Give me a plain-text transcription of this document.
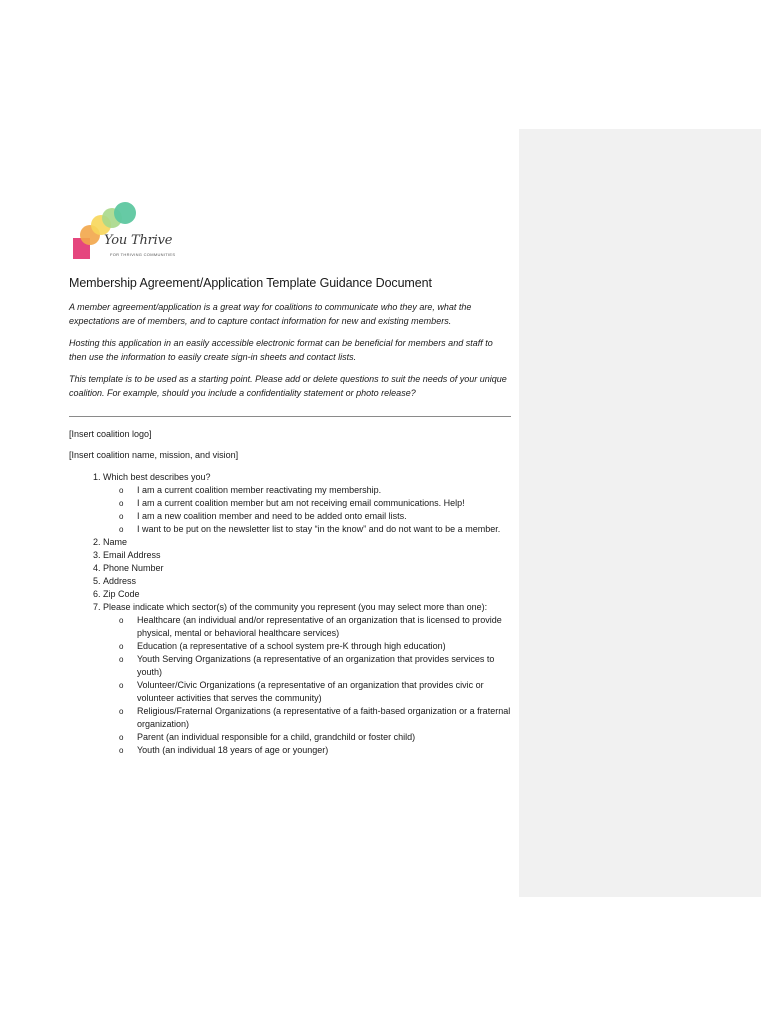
You Thrive
FOR THRIVING COMMUNITIES
Membership Agreement/Application Template Guidance Document

A member agreement/application is a great way for coalitions to communicate who they are, what the expectations are of members, and to capture contact information for new and existing members.

Hosting this application in an easily accessible electronic format can be beneficial for members and staff to then use the information to easily create sign-in sheets and contact lists.

This template is to be used as a starting point. Please add or delete questions to suit the needs of your unique coalition. For example, should you include a confidentiality statement or photo release?

[Insert coalition logo]

[Insert coalition name, mission, and vision]

1. Which best describes you?
o I am a current coalition member reactivating my membership.
o I am a current coalition member but am not receiving email communications. Help!
o I am a new coalition member and need to be added onto email lists.
o I want to be put on the newsletter list to stay “in the know” and do not want to be a member.
2. Name
3. Email Address
4. Phone Number
5. Address
6. Zip Code
7. Please indicate which sector(s) of the community you represent (you may select more than one):
o Healthcare (an individual and/or representative of an organization that is licensed to provide physical, mental or behavioral healthcare services)
o Education (a representative of a school system pre-K through high education)
o Youth Serving Organizations (a representative of an organization that provides services to youth)
o Volunteer/Civic Organizations (a representative of an organization that provides civic or volunteer activities that serves the community)
o Religious/Fraternal Organizations (a representative of a faith-based organization or a fraternal organization)
o Parent (an individual responsible for a child, grandchild or foster child)
o Youth (an individual 18 years of age or younger)
